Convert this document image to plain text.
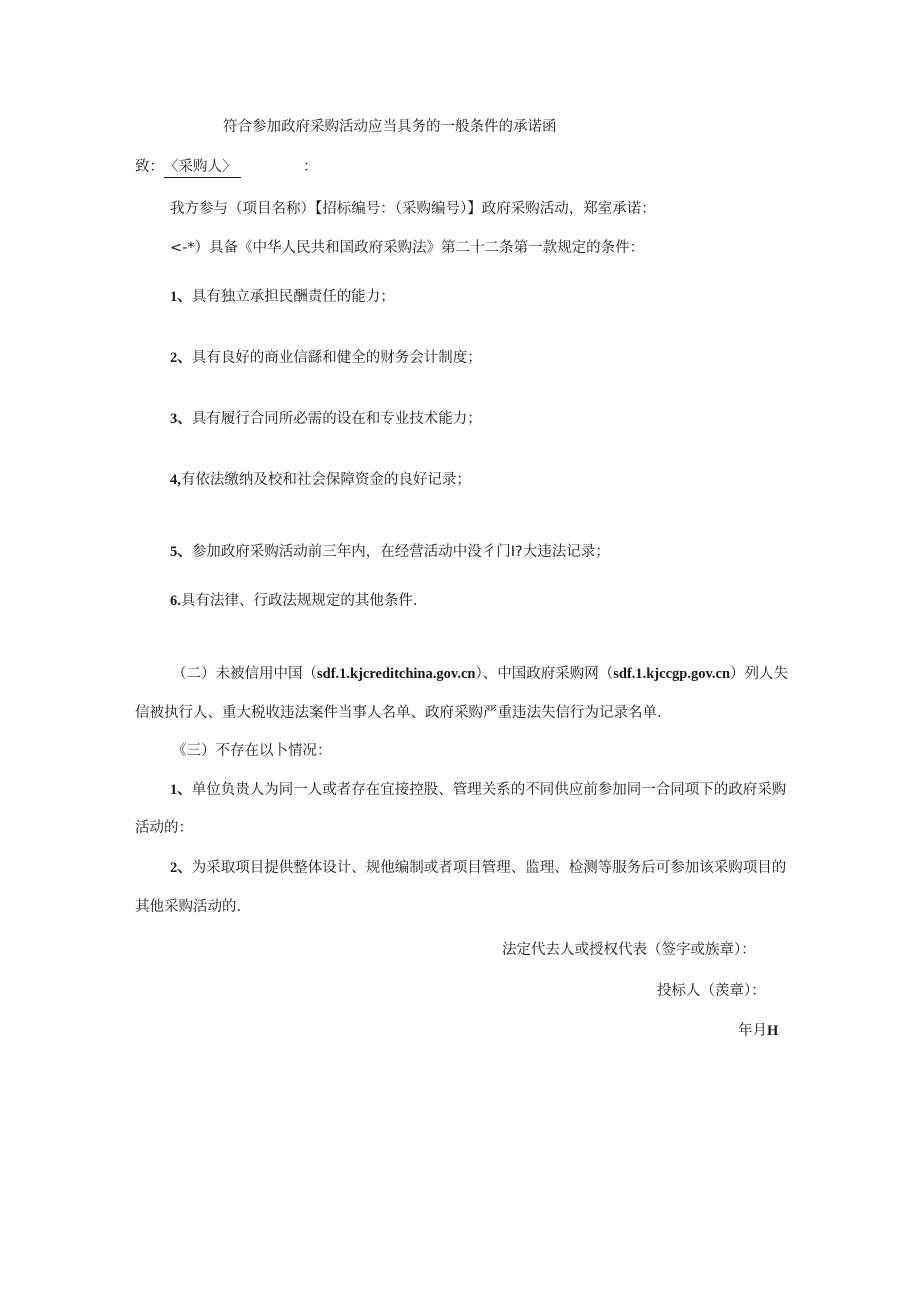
符合参加政府采购活动应当具务的一般条件的承诺函
致：〈采购人〉	：
我方参与（项目名称）【招标编号：（采购编号）】政府采购活动，郑室承诺：
<-*）具备《中华人民共和国政府采购法》第二十二条第一款规定的条件：
1、具有独立承担民酬责任的能力；
2、具有良好的商业信繇和健全的财务会计制度；
3、具有履行合同所必需的设在和专业技术能力；
4,有依法缴纳及校和社会保障资金的良好记录；
5、参加政府采购活动前三年内，在经营活动中没彳门I?大违法记录；
6.具有法律、行政法规规定的其他条件.
（二）未被信用中国（sdf.1.kjcreditchina.gov.cn）、中国政府采购网（sdf.1.kjccgp.gov.cn）列人失
信被执行人、重大税收违法案件当事人名单、政府采购严重违法失信行为记录名单.
《三）不存在以卜情况：
1、单位负贵人为同一人或者存在宜接控股、管理关系的不同供应前参加同一合同项下的政府采购
活动的：
2、为采取项目提供整体设计、规他编制或者项目管理、监理、检测等服务后可参加该采购项目的
其他采购活动的.
法定代去人或授权代表（签字或族章）：
投标人（羡章）：
年月H
